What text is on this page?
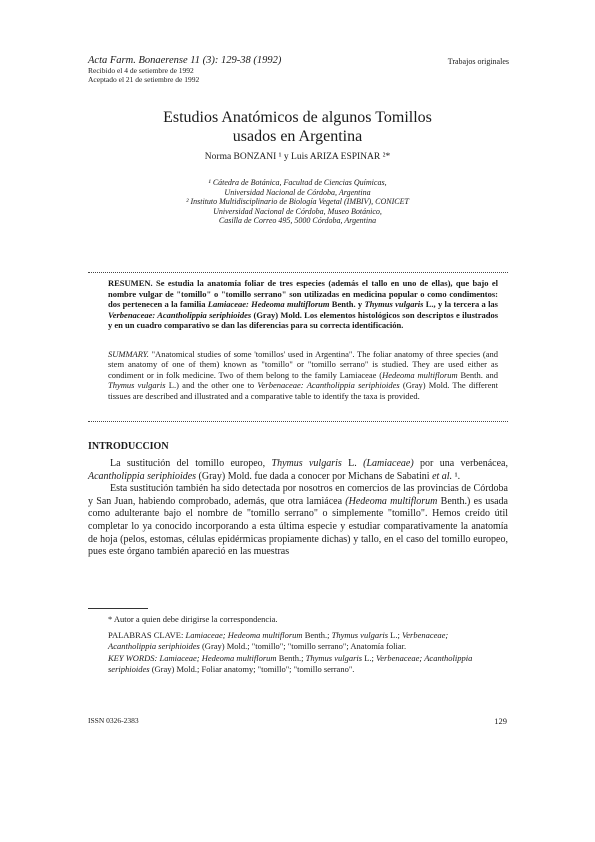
Acta Farm. Bonaerense 11 (3): 129-38 (1992)
Recibido el 4 de setiembre de 1992
Aceptado el 21 de setiembre de 1992
Trabajos originales
Estudios Anatómicos de algunos Tomillos
usados en Argentina
Norma BONZANI ¹ y Luis ARIZA ESPINAR ²*
¹ Cátedra de Botánica, Facultad de Ciencias Químicas,
Universidad Nacional de Córdoba, Argentina
² Instituto Multidisciplinario de Biología Vegetal (IMBIV), CONICET
Universidad Nacional de Córdoba, Museo Botánico,
Casilla de Correo 495, 5000 Córdoba, Argentina
RESUMEN. Se estudia la anatomía foliar de tres especies (además el tallo en uno de ellas), que bajo el nombre vulgar de "tomillo" o "tomillo serrano" son utilizadas en medicina popular o como condimentos: dos pertenecen a la familia Lamiaceae: Hedeoma multiflorum Benth. y Thymus vulgaris L., y la tercera a las Verbenaceae: Acantholippia seriphioides (Gray) Mold. Los elementos histológicos son descriptos e ilustrados y en un cuadro comparativo se dan las diferencias para su correcta identificación.
SUMMARY. "Anatomical studies of some 'tomillos' used in Argentina". The foliar anatomy of three species (and stem anatomy of one of them) known as "tomillo" or "tomillo serrano" is studied. They are used either as condiment or in folk medicine. Two of them belong to the family Lamiaceae (Hedeoma multiflorum Benth. and Thymus vulgaris L.) and the other one to Verbenaceae: Acantholippia seriphioides (Gray) Mold. The different tissues are described and illustrated and a comparative table to identify the taxa is provided.
INTRODUCCION

La sustitución del tomillo europeo, Thymus vulgaris L. (Lamiaceae) por una verbenácea, Acantholippia seriphioides (Gray) Mold. fue dada a conocer por Michans de Sabatini et al. ¹.

Esta sustitución también ha sido detectada por nosotros en comercios de las provincias de Córdoba y San Juan, habiendo comprobado, además, que otra lamiácea (Hedeoma multiflorum Benth.) es usada como adulterante bajo el nombre de "tomillo serrano" o simplemente "tomillo". Hemos creído útil completar lo ya conocido incorporando a esta última especie y estudiar comparativamente la anatomía de hoja (pelos, estomas, células epidérmicas propiamente dichas) y tallo, en el caso del tomillo europeo, pues este órgano también apareció en las muestras

* Autor a quien debe dirigirse la correspondencia.

PALABRAS CLAVE: Lamiaceae; Hedeoma multiflorum Benth.; Thymus vulgaris L.; Verbenaceae; Acantholippia seriphioides (Gray) Mold.; "tomillo"; "tomillo serrano"; Anatomía foliar.

KEY WORDS: Lamiaceae; Hedeoma multiflorum Benth.; Thymus vulgaris L.; Verbenaceae; Acantholippia seriphioides (Gray) Mold.; Foliar anatomy; "tomillo"; "tomillo serrano".

ISSN 0326-2383	129
